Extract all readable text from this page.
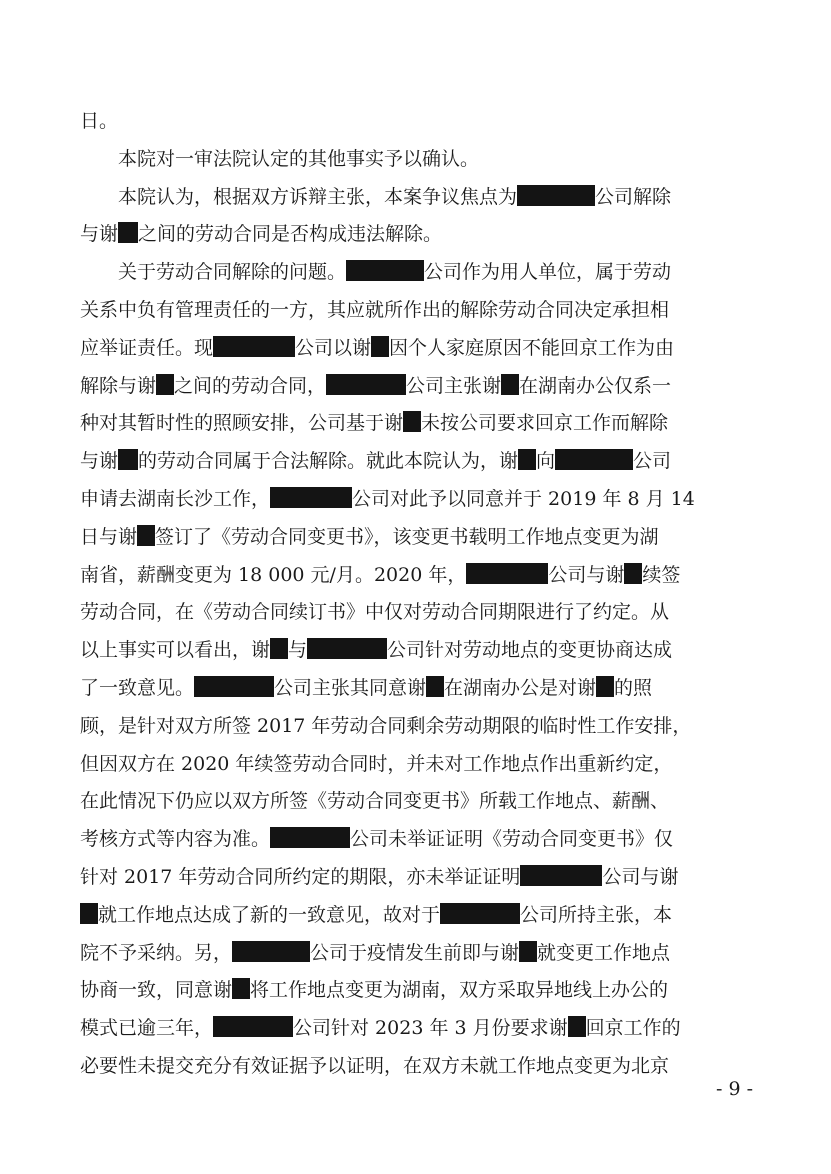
日。
　　本院对一审法院认定的其他事实予以确认。
　　本院认为，根据双方诉辩主张，本案争议焦点为	公司解除
与谢 之间的劳动合同是否构成违法解除。
　　关于劳动合同解除的问题。	公司作为用人单位，属于劳动
关系中负有管理责任的一方，其应就所作出的解除劳动合同决定承担相
应举证责任。现	公司以谢 因个人家庭原因不能回京工作为由
解除与谢 之间的劳动合同，	公司主张谢 在湖南办公仅系一
种对其暂时性的照顾安排，公司基于谢 未按公司要求回京工作而解除
与谢 的劳动合同属于合法解除。就此本院认为，谢 向	公司
申请去湖南长沙工作，	公司对此予以同意并于 2019 年 8 月 14
日与谢 签订了《劳动合同变更书》，该变更书载明工作地点变更为湖
南省，薪酬变更为 18 000 元/月。2020 年，	公司与谢 续签
劳动合同，在《劳动合同续订书》中仅对劳动合同期限进行了约定。从
以上事实可以看出，谢 与	公司针对劳动地点的变更协商达成
了一致意见。	公司主张其同意谢 在湖南办公是对谢 的照
顾，是针对双方所签 2017 年劳动合同剩余劳动期限的临时性工作安排，
但因双方在 2020 年续签劳动合同时，并未对工作地点作出重新约定，
在此情况下仍应以双方所签《劳动合同变更书》所载工作地点、薪酬、
考核方式等内容为准。	公司未举证证明《劳动合同变更书》仅
针对 2017 年劳动合同所约定的期限，亦未举证证明	公司与谢
就工作地点达成了新的一致意见，故对于	公司所持主张，本
院不予采纳。另，	公司于疫情发生前即与谢 就变更工作地点
协商一致，同意谢 将工作地点变更为湖南，双方采取异地线上办公的
模式已逾三年，	公司针对 2023 年 3 月份要求谢 回京工作的
必要性未提交充分有效证据予以证明，在双方未就工作地点变更为北京
- 9 -
